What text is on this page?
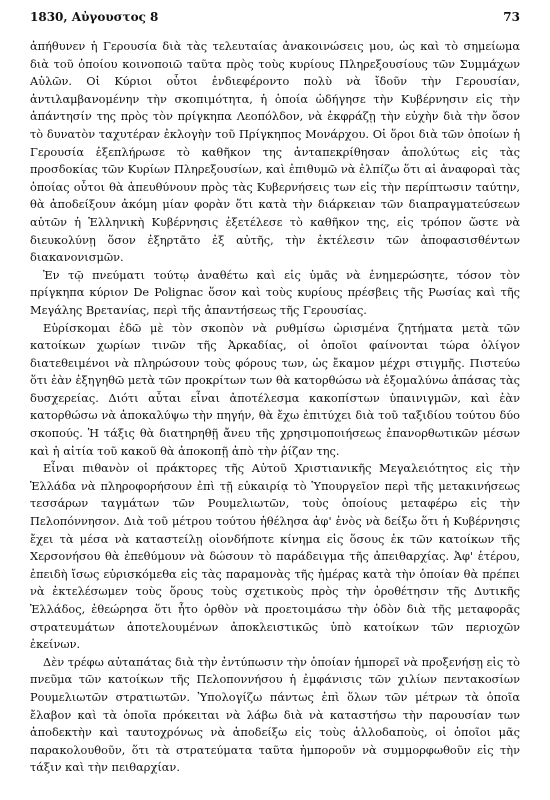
1830, Αὐγουστος 8	73

ἀπήθυνεν ἡ Γερουσία διὰ τὰς τελευταίας ἀνακοινώσεις μου, ὡς καὶ τὸ σημείωμα διὰ τοῦ ὁποίου κοινοποιῶ ταῦτα πρὸς τοὺς κυρίους Πληρεξουσίους τῶν Συμμάχων Αὐλῶν. Οἱ Κύριοι οὗτοι ἐνδιεφέροντο πολὺ νὰ ἴδοῦν τὴν Γερουσίαν, ἀντιλαμβανομένην τὴν σκοπιμότητα, ἡ ὁποία ὡδήγησε τὴν Κυβέρνησιν εἰς τὴν ἀπάντησίν της πρὸς τὸν πρίγκηπα Λεοπόλδον, νὰ ἐκφράζῃ τὴν εὐχὴν διὰ τὴν ὅσον τὸ δυνατὸν ταχυτέραν ἐκλογὴν τοῦ Πρίγκηπος Μονάρχου. Οἱ ὅροι διὰ τῶν ὁποίων ἡ Γερουσία ἐξεπλήρωσε τὸ καθῆκον της ἀνταπεκρίθησαν ἀπολύτως εἰς τὰς προσδοκίας τῶν Κυρίων Πληρεξουσίων, καὶ ἐπιθυμῶ νὰ ἐλπίζω ὅτι αἱ ἀναφοραὶ τὰς ὁποίας οὗτοι θὰ ἀπευθύνουν πρὸς τὰς Κυβερνήσεις των εἰς τὴν περίπτωσιν ταύτην, θὰ ἀποδείξουν ἀκόμη μίαν φορὰν ὅτι κατὰ τὴν διάρκειαν τῶν διαπραγματεύσεων αὐτῶν ἡ Ἑλληνικὴ Κυβέρνησις ἐξετέλεσε τὸ καθῆκον της, εἰς τρόπον ὥστε νὰ διευκολύνῃ ὅσον ἐξηρτᾶτο ἐξ αὐτῆς, τὴν ἐκτέλεσιν τῶν ἀποφασισθέντων διακανονισμῶν.

Ἐν τῷ πνεύματι τούτῳ ἀναθέτω καὶ εἰς ὑμᾶς νὰ ἐνημερώσητε, τόσον τὸν πρίγκηπα κύριον De Polignac ὅσον καὶ τοὺς κυρίους πρέσβεις τῆς Ρωσίας καὶ τῆς Μεγάλης Βρετανίας, περὶ τῆς ἀπαντήσεως τῆς Γερουσίας.

Εὑρίσκομαι ἐδῶ μὲ τὸν σκοπὸν νὰ ρυθμίσω ὡρισμένα ζητήματα μετὰ τῶν κατοίκων χωρίων τινῶν τῆς Ἀρκαδίας, οἱ ὁποῖοι φαίνονται τώρα ὀλίγον διατεθειμένοι νὰ πληρώσουν τοὺς φόρους των, ὡς ἔκαμον μέχρι στιγμῆς. Πιστεύω ὅτι ἐὰν ἐξηγηθῶ μετὰ τῶν προκρίτων των θὰ κατορθώσω νὰ ἐξομαλύνω ἁπάσας τὰς δυσχερείας. Διότι αὗται εἶναι ἀποτέλεσμα κακοπίστων ὑπαινιγμῶν, καὶ ἐὰν κατορθώσω νὰ ἀποκαλύψω τὴν πηγήν, θὰ ἔχω ἐπιτύχει διὰ τοῦ ταξιδίου τούτου δύο σκοπούς. Ἡ τάξις θὰ διατηρηθῇ ἄνευ τῆς χρησιμοποιήσεως ἐπανορθωτικῶν μέσων καὶ ἡ αἰτία τοῦ κακοῦ θὰ ἀποκοπῇ ἀπὸ τὴν ῥίζαν της.

Εἶναι πιθανὸν οἱ πράκτορες τῆς Αὐτοῦ Χριστιανικῆς Μεγαλειότητος εἰς τὴν Ἑλλάδα νὰ πληροφορήσουν ἐπὶ τῇ εὐκαιρίᾳ τὸ Ὑπουργεῖον περὶ τῆς μετακινήσεως τεσσάρων ταγμάτων τῶν Ρουμελιωτῶν, τοὺς ὁποίους μεταφέρω εἰς τὴν Πελοπόννησον. Διὰ τοῦ μέτρου τούτου ἠθέλησα ἀφ' ἑνὸς νὰ δείξω ὅτι ἡ Κυβέρνησις ἔχει τὰ μέσα νὰ καταστείλῃ οἱονδήποτε κίνημα εἰς ὅσους ἐκ τῶν κατοίκων τῆς Χερσονήσου θὰ ἐπεθύμουν νὰ δώσουν τὸ παράδειγμα τῆς ἀπειθαρχίας. Ἀφ' ἑτέρου, ἐπειδὴ ἴσως εὑρισκόμεθα εἰς τὰς παραμονὰς τῆς ἡμέρας κατὰ τὴν ὁποίαν θὰ πρέπει νὰ ἐκτελέσωμεν τοὺς ὅρους τοὺς σχετικοὺς πρὸς τὴν ὀροθέτησιν τῆς Δυτικῆς Ἑλλάδος, ἐθεώρησα ὅτι ἦτο ὀρθὸν νὰ προετοιμάσω τὴν ὁδὸν διὰ τῆς μεταφορᾶς στρατευμάτων ἀποτελουμένων ἀποκλειστικῶς ὑπὸ κατοίκων τῶν περιοχῶν ἐκείνων.

Δὲν τρέφω αὐταπάτας διὰ τὴν ἐντύπωσιν τὴν ὁποίαν ἠμπορεῖ νὰ προξενήσῃ εἰς τὸ πνεῦμα τῶν κατοίκων τῆς Πελοποννήσου ἡ ἐμφάνισις τῶν χιλίων πεντακοσίων Ρουμελιωτῶν στρατιωτῶν. Ὑπολογίζω πάντως ἐπὶ ὅλων τῶν μέτρων τὰ ὁποῖα ἔλαβον καὶ τὰ ὁποῖα πρόκειται νὰ λάβω διὰ νὰ καταστήσω τὴν παρουσίαν των ἀποδεκτὴν καὶ ταυτοχρόνως νὰ ἀποδείξω εἰς τοὺς ἀλλοδαποὺς, οἱ ὁποῖοι μᾶς παρακολουθοῦν, ὅτι τὰ στρατεύματα ταῦτα ἠμποροῦν νὰ συμμορφωθοῦν εἰς τὴν τάξιν καὶ τὴν πειθαρχίαν.
